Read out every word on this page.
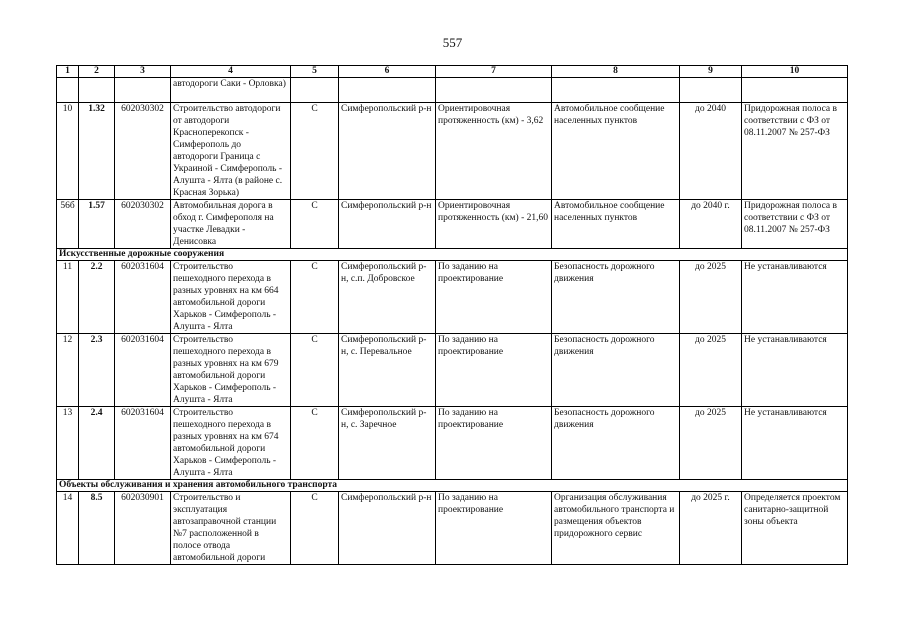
557
1	2	3	4	5	6	7	8	9	10
			автодороги Саки - Орловка)						
10	1.32	602030302	Строительство автодороги от автодороги Красноперекопск - Симферополь до автодороги Граница с Украиной - Симферополь - Алушта - Ялта (в районе с. Красная Зорька)	С	Симферопольский р-н	Ориентировочная протяженность (км) - 3,62	Автомобильное сообщение населенных пунктов	до 2040	Придорожная полоса в соответствии с ФЗ от 08.11.2007 № 257-ФЗ
56б	1.57	602030302	Автомобильная дорога в обход г. Симферополя на участке Левадки - Денисовка	С	Симферопольский р-н	Ориентировочная протяженность (км) - 21,60	Автомобильное сообщение населенных пунктов	до 2040 г.	Придорожная полоса в соответствии с ФЗ от 08.11.2007 № 257-ФЗ
Искусственные дорожные сооружения									
11	2.2	602031604	Строительство пешеходного перехода в разных уровнях на км 664 автомобильной дороги Харьков - Симферополь - Алушта - Ялта	С	Симферопольский р-н, с.п. Добровское	По заданию на проектирование	Безопасность дорожного движения	до 2025	Не устанавливаются
12	2.3	602031604	Строительство пешеходного перехода в разных уровнях на км 679 автомобильной дороги Харьков - Симферополь - Алушта - Ялта	С	Симферопольский р-н, с. Перевальное	По заданию на проектирование	Безопасность дорожного движения	до 2025	Не устанавливаются
13	2.4	602031604	Строительство пешеходного перехода в разных уровнях на км 674 автомобильной дороги Харьков - Симферополь - Алушта - Ялта	С	Симферопольский р-н, с. Заречное	По заданию на проектирование	Безопасность дорожного движения	до 2025	Не устанавливаются
Объекты обслуживания и хранения автомобильного транспорта									
14	8.5	602030901	Строительство и эксплуатация автозаправочной станции №7 расположенной в полосе отвода автомобильной дороги	С	Симферопольский р-н	По заданию на проектирование	Организация обслуживания автомобильного транспорта и размещения объектов придорожного сервис	до 2025 г.	Определяется проектом санитарно-защитной зоны объекта
